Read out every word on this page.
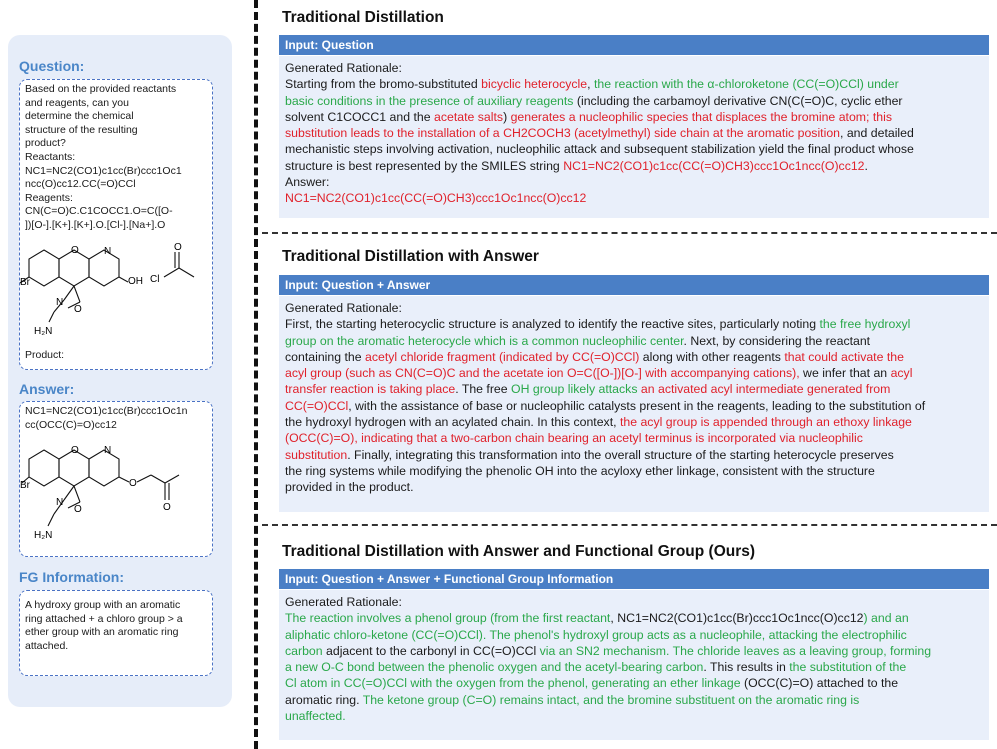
Question:
Based on the provided reactants
and reagents, can you
determine the chemical
structure of the resulting
product?
Reactants:
NC1=NC2(CO1)c1cc(Br)ccc1Oc1
ncc(O)cc12.CC(=O)CCl
Reagents:
CN(C=O)C.C1COCC1.O=C([O-
])[O-].[K+].[K+].O.[Cl-].[Na+].O
Br	OH
N
O
N
O
H₂N
Cl
O
Product:
Answer:
NC1=NC2(CO1)c1cc(Br)ccc1Oc1n
cc(OCC(C)=O)cc12
Br
N
O
O
N
O
H₂N
O
FG Information:
A hydroxy group with an aromatic
ring attached + a chloro group > a
ether group with an aromatic ring
attached.
Traditional Distillation
Input: Question
Generated Rationale:
Starting from the bromo-substituted bicyclic heterocycle, the reaction with the α-chloroketone (CC(=O)CCl) under
basic conditions in the presence of auxiliary reagents (including the carbamoyl derivative CN(C(=O)C, cyclic ether
solvent C1COCC1 and the acetate salts) generates a nucleophilic species that displaces the bromine atom; this
substitution leads to the installation of a CH2COCH3 (acetylmethyl) side chain at the aromatic position, and detailed
mechanistic steps involving activation, nucleophilic attack and subsequent stabilization yield the final product whose
structure is best represented by the SMILES string NC1=NC2(CO1)c1cc(CC(=O)CH3)ccc1Oc1ncc(O)cc12.
Answer:
NC1=NC2(CO1)c1cc(CC(=O)CH3)ccc1Oc1ncc(O)cc12
Traditional Distillation with Answer
Input: Question + Answer
Generated Rationale:
First, the starting heterocyclic structure is analyzed to identify the reactive sites, particularly noting the free hydroxyl
group on the aromatic heterocycle which is a common nucleophilic center. Next, by considering the reactant
containing the acetyl chloride fragment (indicated by CC(=O)CCl) along with other reagents that could activate the
acyl group (such as CN(C=O)C and the acetate ion O=C([O-])[O-] with accompanying cations), we infer that an acyl
transfer reaction is taking place. The free OH group likely attacks an activated acyl intermediate generated from
CC(=O)CCl, with the assistance of base or nucleophilic catalysts present in the reagents, leading to the substitution of
the hydroxyl hydrogen with an acylated chain. In this context, the acyl group is appended through an ethoxy linkage
(OCC(C)=O), indicating that a two-carbon chain bearing an acetyl terminus is incorporated via nucleophilic
substitution. Finally, integrating this transformation into the overall structure of the starting heterocycle preserves
the ring systems while modifying the phenolic OH into the acyloxy ether linkage, consistent with the structure
provided in the product.
Traditional Distillation with Answer and Functional Group (Ours)
Input: Question + Answer + Functional Group Information
Generated Rationale:
The reaction involves a phenol group (from the first reactant, NC1=NC2(CO1)c1cc(Br)ccc1Oc1ncc(O)cc12) and an
aliphatic chloro-ketone (CC(=O)CCl). The phenol's hydroxyl group acts as a nucleophile, attacking the electrophilic
carbon adjacent to the carbonyl in CC(=O)CCl via an SN2 mechanism. The chloride leaves as a leaving group, forming
a new O-C bond between the phenolic oxygen and the acetyl-bearing carbon. This results in the substitution of the
Cl atom in CC(=O)CCl with the oxygen from the phenol, generating an ether linkage (OCC(C)=O) attached to the
aromatic ring. The ketone group (C=O) remains intact, and the bromine substituent on the aromatic ring is
unaffected.
